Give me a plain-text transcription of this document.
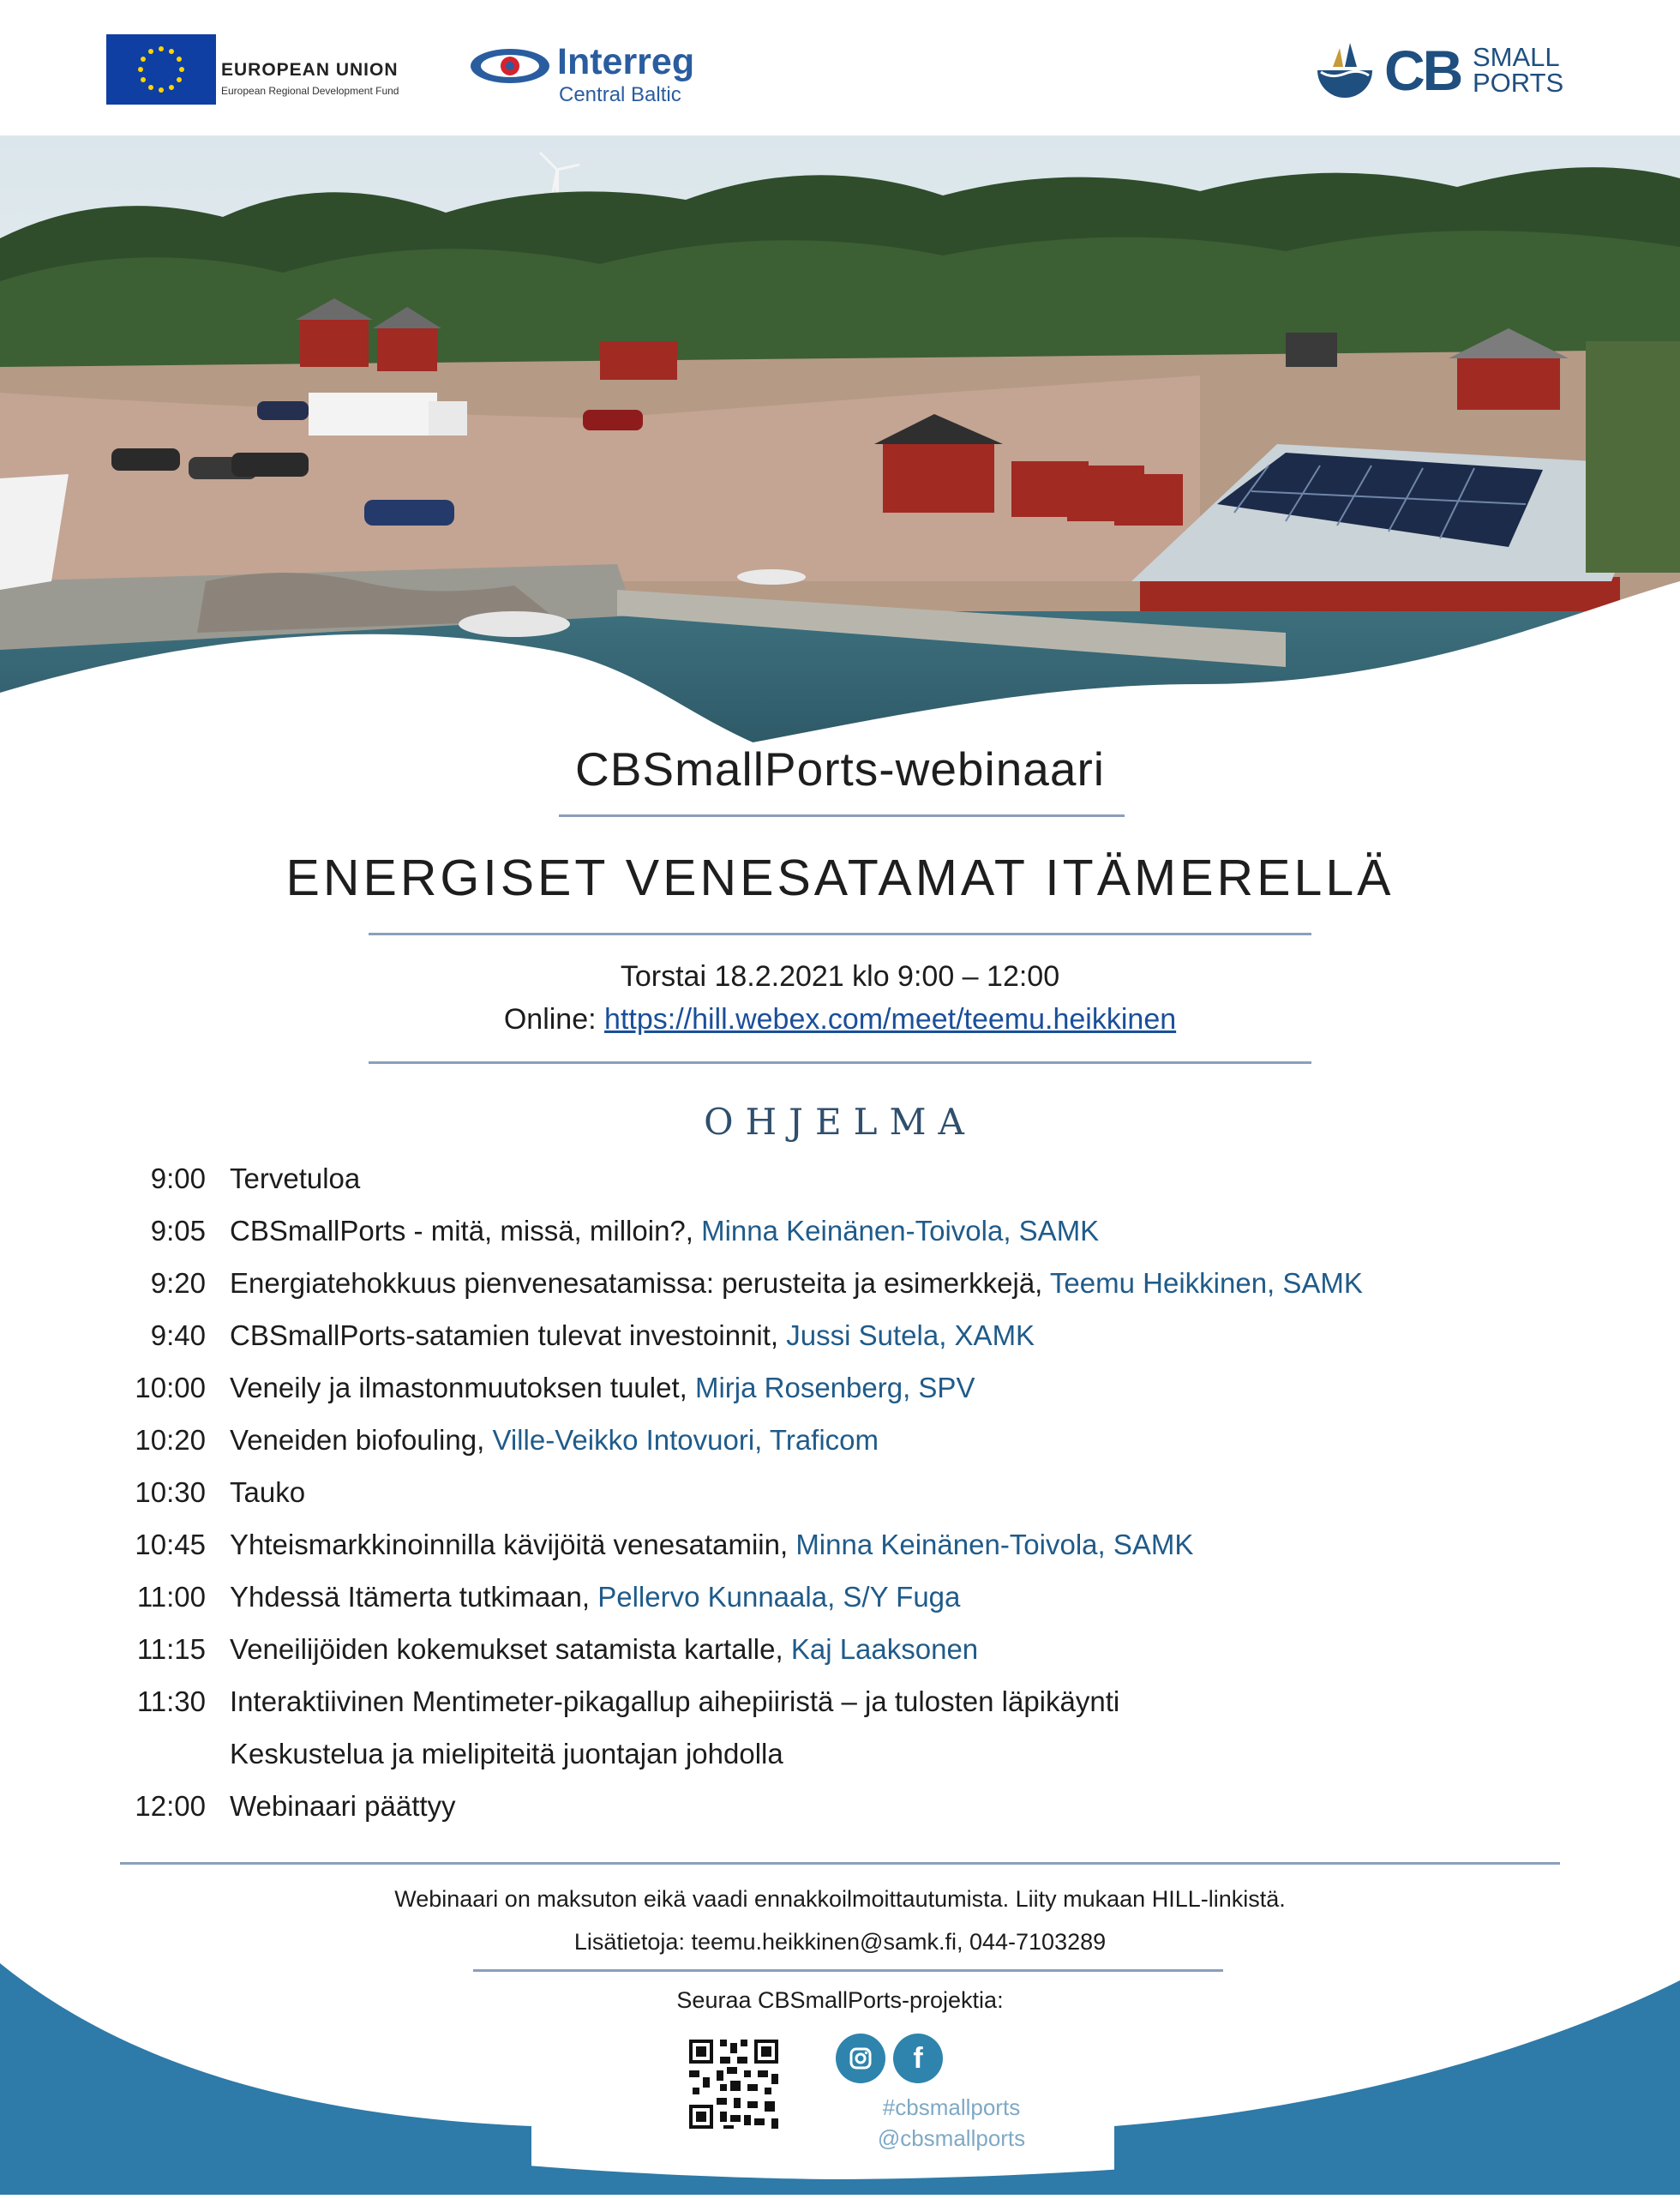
EUROPEAN UNION
European Regional Development Fund
Interreg
Central Baltic	CB SMALL
PORTS
CBSmallPorts-webinaari
ENERGISET VENESATAMAT ITÄMERELLÄ
Torstai 18.2.2021 klo 9:00 – 12:00
Online: https://hill.webex.com/meet/teemu.heikkinen
OHJELMA
9:00 Tervetuloa
9:05 CBSmallPorts - mitä, missä, milloin?, Minna Keinänen-Toivola, SAMK
9:20 Energiatehokkuus pienvenesatamissa: perusteita ja esimerkkejä, Teemu Heikkinen, SAMK
9:40 CBSmallPorts-satamien tulevat investoinnit, Jussi Sutela, XAMK
10:00 Veneily ja ilmastonmuutoksen tuulet, Mirja Rosenberg, SPV
10:20 Veneiden biofouling, Ville-Veikko Intovuori, Traficom
10:30 Tauko
10:45 Yhteismarkkinoinnilla kävijöitä venesatamiin, Minna Keinänen-Toivola, SAMK
11:00 Yhdessä Itämerta tutkimaan, Pellervo Kunnaala, S/Y Fuga
11:15 Veneilijöiden kokemukset satamista kartalle, Kaj Laaksonen
11:30 Interaktiivinen Mentimeter-pikagallup aihepiiristä – ja tulosten läpikäynti
Keskustelua ja mielipiteitä juontajan johdolla
12:00 Webinaari päättyy
Webinaari on maksuton eikä vaadi ennakkoilmoittautumista. Liity mukaan HILL-linkistä.
Lisätietoja: teemu.heikkinen@samk.fi, 044-7103289
Seuraa CBSmallPorts-projektia:
f
#cbsmallports
@cbsmallports
